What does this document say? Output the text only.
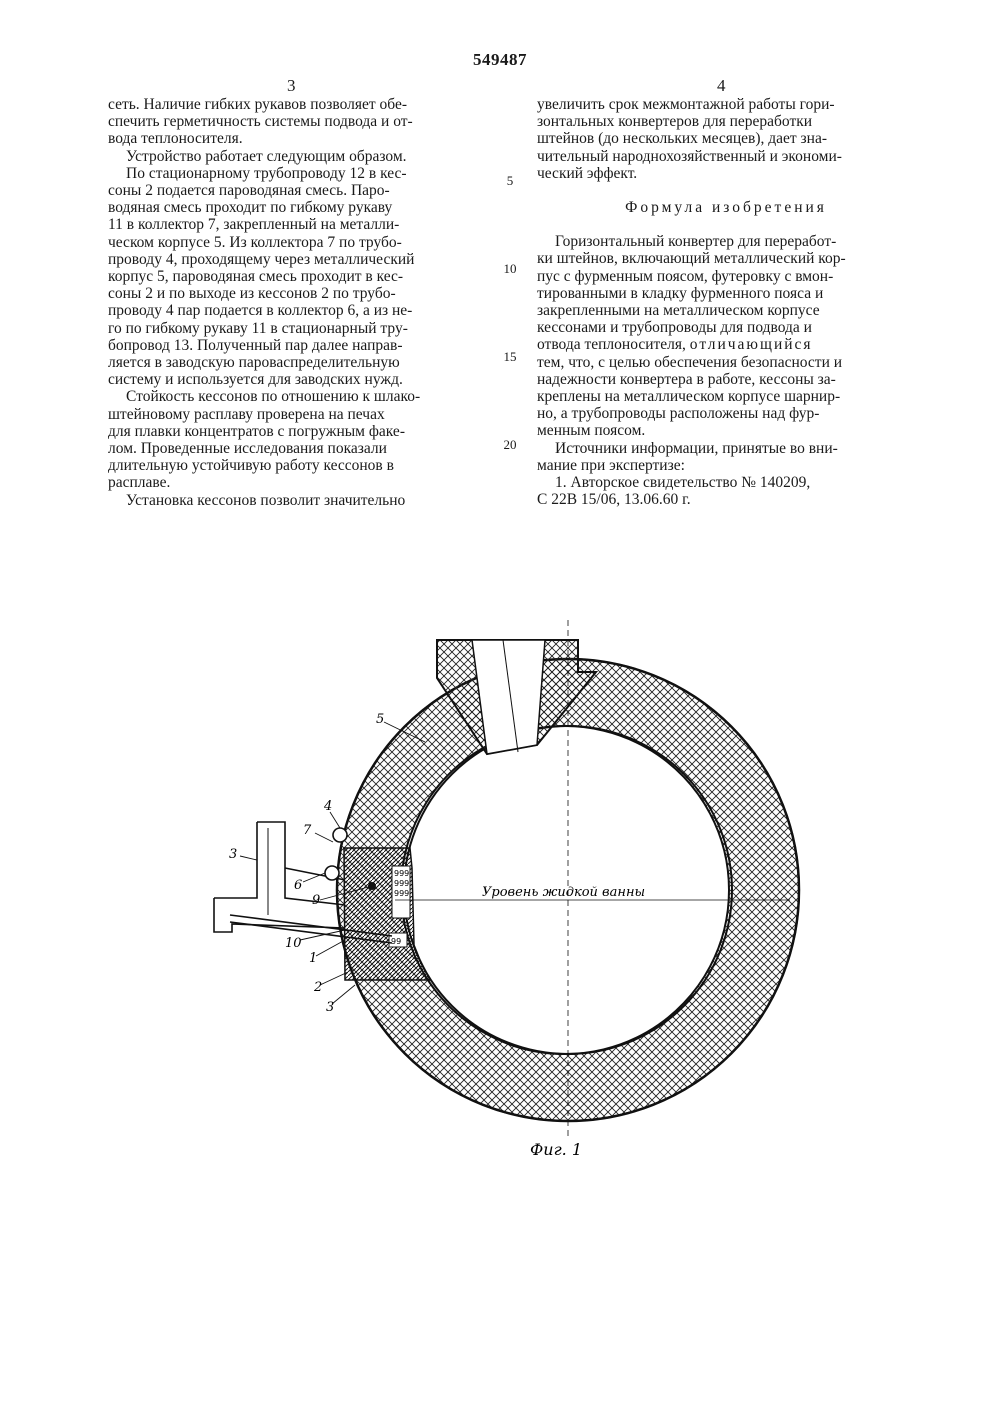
549487
3	4

сеть. Наличие гибких рукавов позволяет обе-

спечить герметичность системы подвода и от-

вода теплоносителя.

Устройство работает следующим образом.

По стационарному трубопроводу 12 в кес-

соны 2 подается пароводяная смесь. Паро-

водяная смесь проходит по гибкому рукаву

11 в коллектор 7, закрепленный на металли-

ческом корпусе 5. Из коллектора 7 по трубо-

проводу 4, проходящему через металлический

корпус 5, пароводяная смесь проходит в кес-

соны 2 и по выходе из кессонов 2 по трубо-

проводу 4 пар подается в коллектор 6, а из не-

го по гибкому рукаву 11 в стационарный тру-

бопровод 13. Полученный пар далее направ-

ляется в заводскую пароваспределительную

систему и используется для заводских нужд.

Стойкость кессонов по отношению к шлако-

штейновому расплаву проверена на печах

для плавки концентратов с погружным факе-

лом. Проведенные исследования показали

длительную устойчивую работу кессонов в

расплаве.

Установка кессонов позволит значительно

увеличить срок межмонтажной работы гори-

зонтальных конвертеров для переработки

штейнов (до нескольких месяцев), дает зна-

чительный народнохозяйственный и экономи-

ческий эффект.

Формула изобретения

Горизонтальный конвертер для переработ-

ки штейнов, включающий металлический кор-

пус с фурменным поясом, футеровку с вмон-

тированными в кладку фурменного пояса и

закрепленными на металлическом корпусе

кессонами и трубопроводы для подвода и

отвода теплоносителя, отличающийся

тем, что, с целью обеспечения безопасности и

надежности конвертера в работе, кессоны за-

креплены на металлическом корпусе шарнир-

но, а трубопроводы расположены над фур-

менным поясом.

Источники информации, принятые во вни-

мание при экспертизе:

1. Авторское свидетельство № 140209,

С 22В 15/06, 13.06.60 г.

5
10
15
20
999
999
999
99
Уровень жидкой ванны
5
4
7
3
6
9
10
1
2
3
Фиг. 1
